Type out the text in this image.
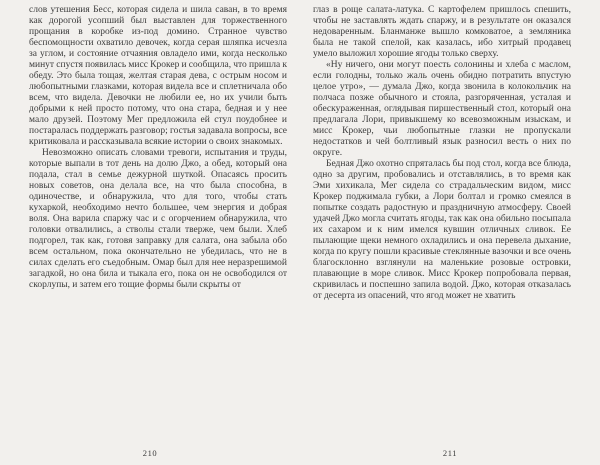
слов утешения Бесс, которая сидела и шила саван, в то время как дорогой усопший был выставлен для торжественного прощания в коробке из-под домино. Странное чувство беспомощности охватило девочек, когда серая шляпка исчезла за углом, и состояние отчаяния овладело ими, когда несколько минут спустя появилась мисс Крокер и сообщила, что пришла к обеду. Это была тощая, желтая старая дева, с острым носом и любопытными глазками, которая видела все и сплетничала обо всем, что видела. Девочки не любили ее, но их учили быть добрыми к ней просто потому, что она стара, бедная и у нее мало друзей. Поэтому Мег предложила ей стул поудобнее и постаралась поддержать разговор; гостья задавала вопросы, все критиковала и рассказывала всякие истории о своих знакомых.

Невозможно описать словами тревоги, испытания и труды, которые выпали в тот день на долю Джо, а обед, который она подала, стал в семье дежурной шуткой. Опасаясь просить новых советов, она делала все, на что была способна, в одиночестве, и обнаружила, что для того, чтобы стать кухаркой, необходимо нечто большее, чем энергия и добрая воля. Она варила спаржу час и с огорчением обнаружила, что головки отвалились, а стволы стали тверже, чем были. Хлеб подгорел, так как, готовя заправку для салата, она забыла обо всем остальном, пока окончательно не убедилась, что не в силах сделать его съедобным. Омар был для нее неразрешимой загадкой, но она била и тыкала его, пока он не освободился от скорлупы, и затем его тощие формы были скрыты от

210

глаз в роще салата-латука. С картофелем пришлось спешить, чтобы не заставлять ждать спаржу, и в результате он оказался недоваренным. Бланманже вышло комковатое, а земляника была не такой спелой, как казалась, ибо хитрый продавец умело выложил хорошие ягоды только сверху.

«Ну ничего, они могут поесть солонины и хлеба с маслом, если голодны, только жаль очень обидно потратить впустую целое утро», — думала Джо, когда звонила в колокольчик на полчаса позже обычного и стояла, разгоряченная, усталая и обескураженная, оглядывая пиршественный стол, который она предлагала Лори, привыкшему ко всевозможным изыскам, и мисс Крокер, чьи любопытные глазки не пропускали недостатков и чей болтливый язык разносил весть о них по округе.

Бедная Джо охотно спряталась бы под стол, когда все блюда, одно за другим, пробовались и отставлялись, в то время как Эми хихикала, Мег сидела со страдальческим видом, мисс Крокер поджимала губки, а Лори болтал и громко смеялся в попытке создать радостную и праздничную атмосферу. Своей удачей Джо могла считать ягоды, так как она обильно посыпала их сахаром и к ним имелся кувшин отличных сливок. Ее пылающие щеки немного охладились и она перевела дыхание, когда по кругу пошли красивые стеклянные вазочки и все очень благосклонно взглянули на маленькие розовые островки, плавающие в море сливок. Мисс Крокер попробовала первая, скривилась и поспешно запила водой. Джо, которая отказалась от десерта из опасений, что ягод может не хватить

211
